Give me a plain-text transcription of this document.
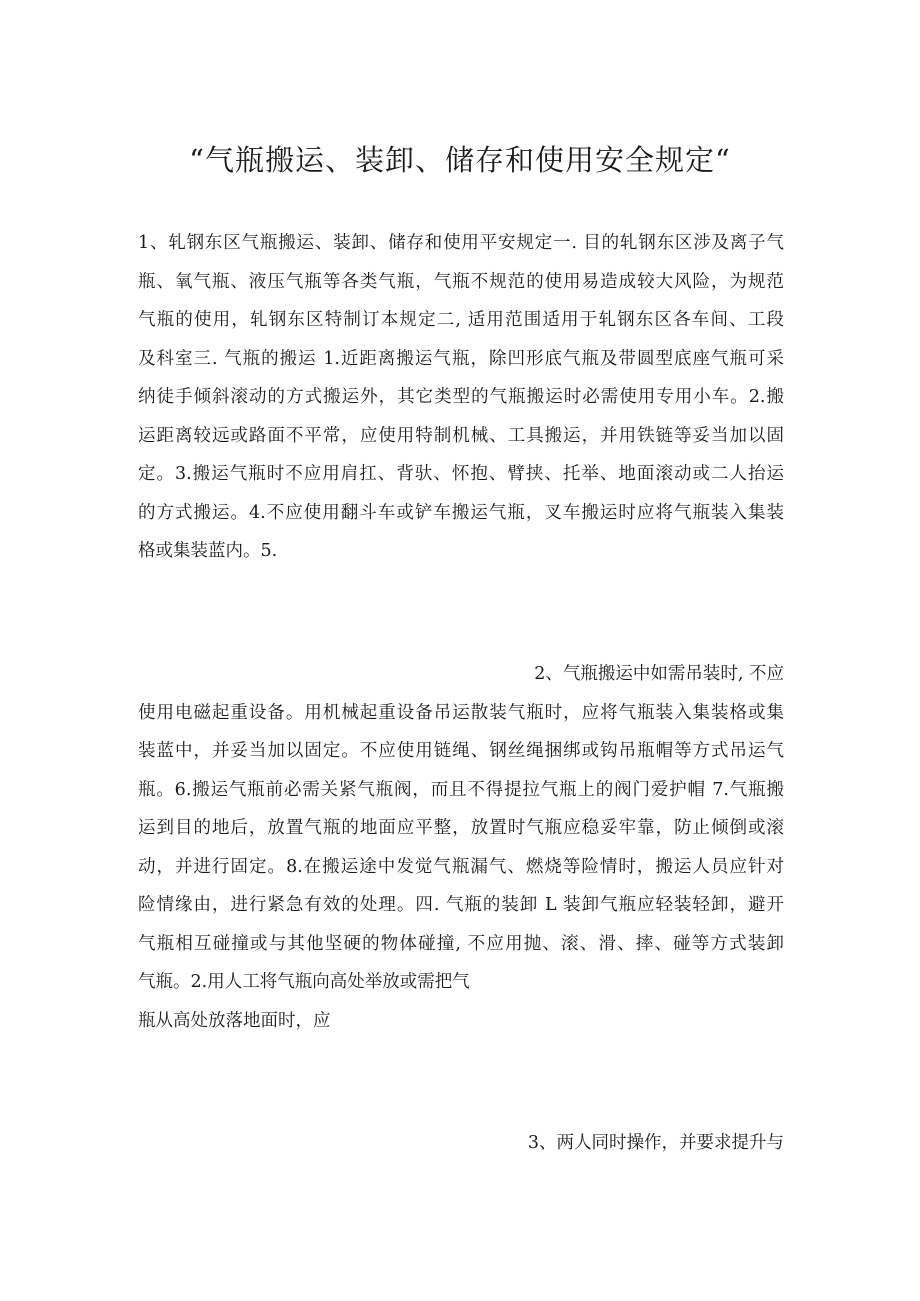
“气瓶搬运、装卸、储存和使用安全规定“
1、轧钢东区气瓶搬运、装卸、储存和使用平安规定一. 目的轧钢东区涉及离子气
瓶、氧气瓶、液压气瓶等各类气瓶，气瓶不规范的使用易造成较大风险，为规范
气瓶的使用，轧钢东区特制订本规定二, 适用范围适用于轧钢东区各车间、工段
及科室三. 气瓶的搬运 1.近距离搬运气瓶，除凹形底气瓶及带圆型底座气瓶可采
纳徒手倾斜滚动的方式搬运外，其它类型的气瓶搬运时必需使用专用小车。2.搬
运距离较远或路面不平常，应使用特制机械、工具搬运，并用铁链等妥当加以固
定。3.搬运气瓶时不应用肩扛、背驮、怀抱、臂挟、托举、地面滚动或二人抬运
的方式搬运。4.不应使用翻斗车或铲车搬运气瓶，叉车搬运时应将气瓶装入集装
格或集装蓝内。5.
2、气瓶搬运中如需吊装时, 不应
使用电磁起重设备。用机械起重设备吊运散装气瓶时，应将气瓶装入集装格或集
装蓝中，并妥当加以固定。不应使用链绳、钢丝绳捆绑或钩吊瓶帽等方式吊运气
瓶。6.搬运气瓶前必需关紧气瓶阀，而且不得提拉气瓶上的阀门爱护帽 7.气瓶搬
运到目的地后，放置气瓶的地面应平整，放置时气瓶应稳妥牢靠，防止倾倒或滚
动，并进行固定。8.在搬运途中发觉气瓶漏气、燃烧等险情时，搬运人员应针对
险情缘由，进行紧急有效的处理。四. 气瓶的装卸 L 装卸气瓶应轻装轻卸，避开
气瓶相互碰撞或与其他坚硬的物体碰撞, 不应用抛、滚、滑、摔、碰等方式装卸
气瓶。2.用人工将气瓶向高处举放或需把气
瓶从高处放落地面时，应
3、两人同时操作，并要求提升与
